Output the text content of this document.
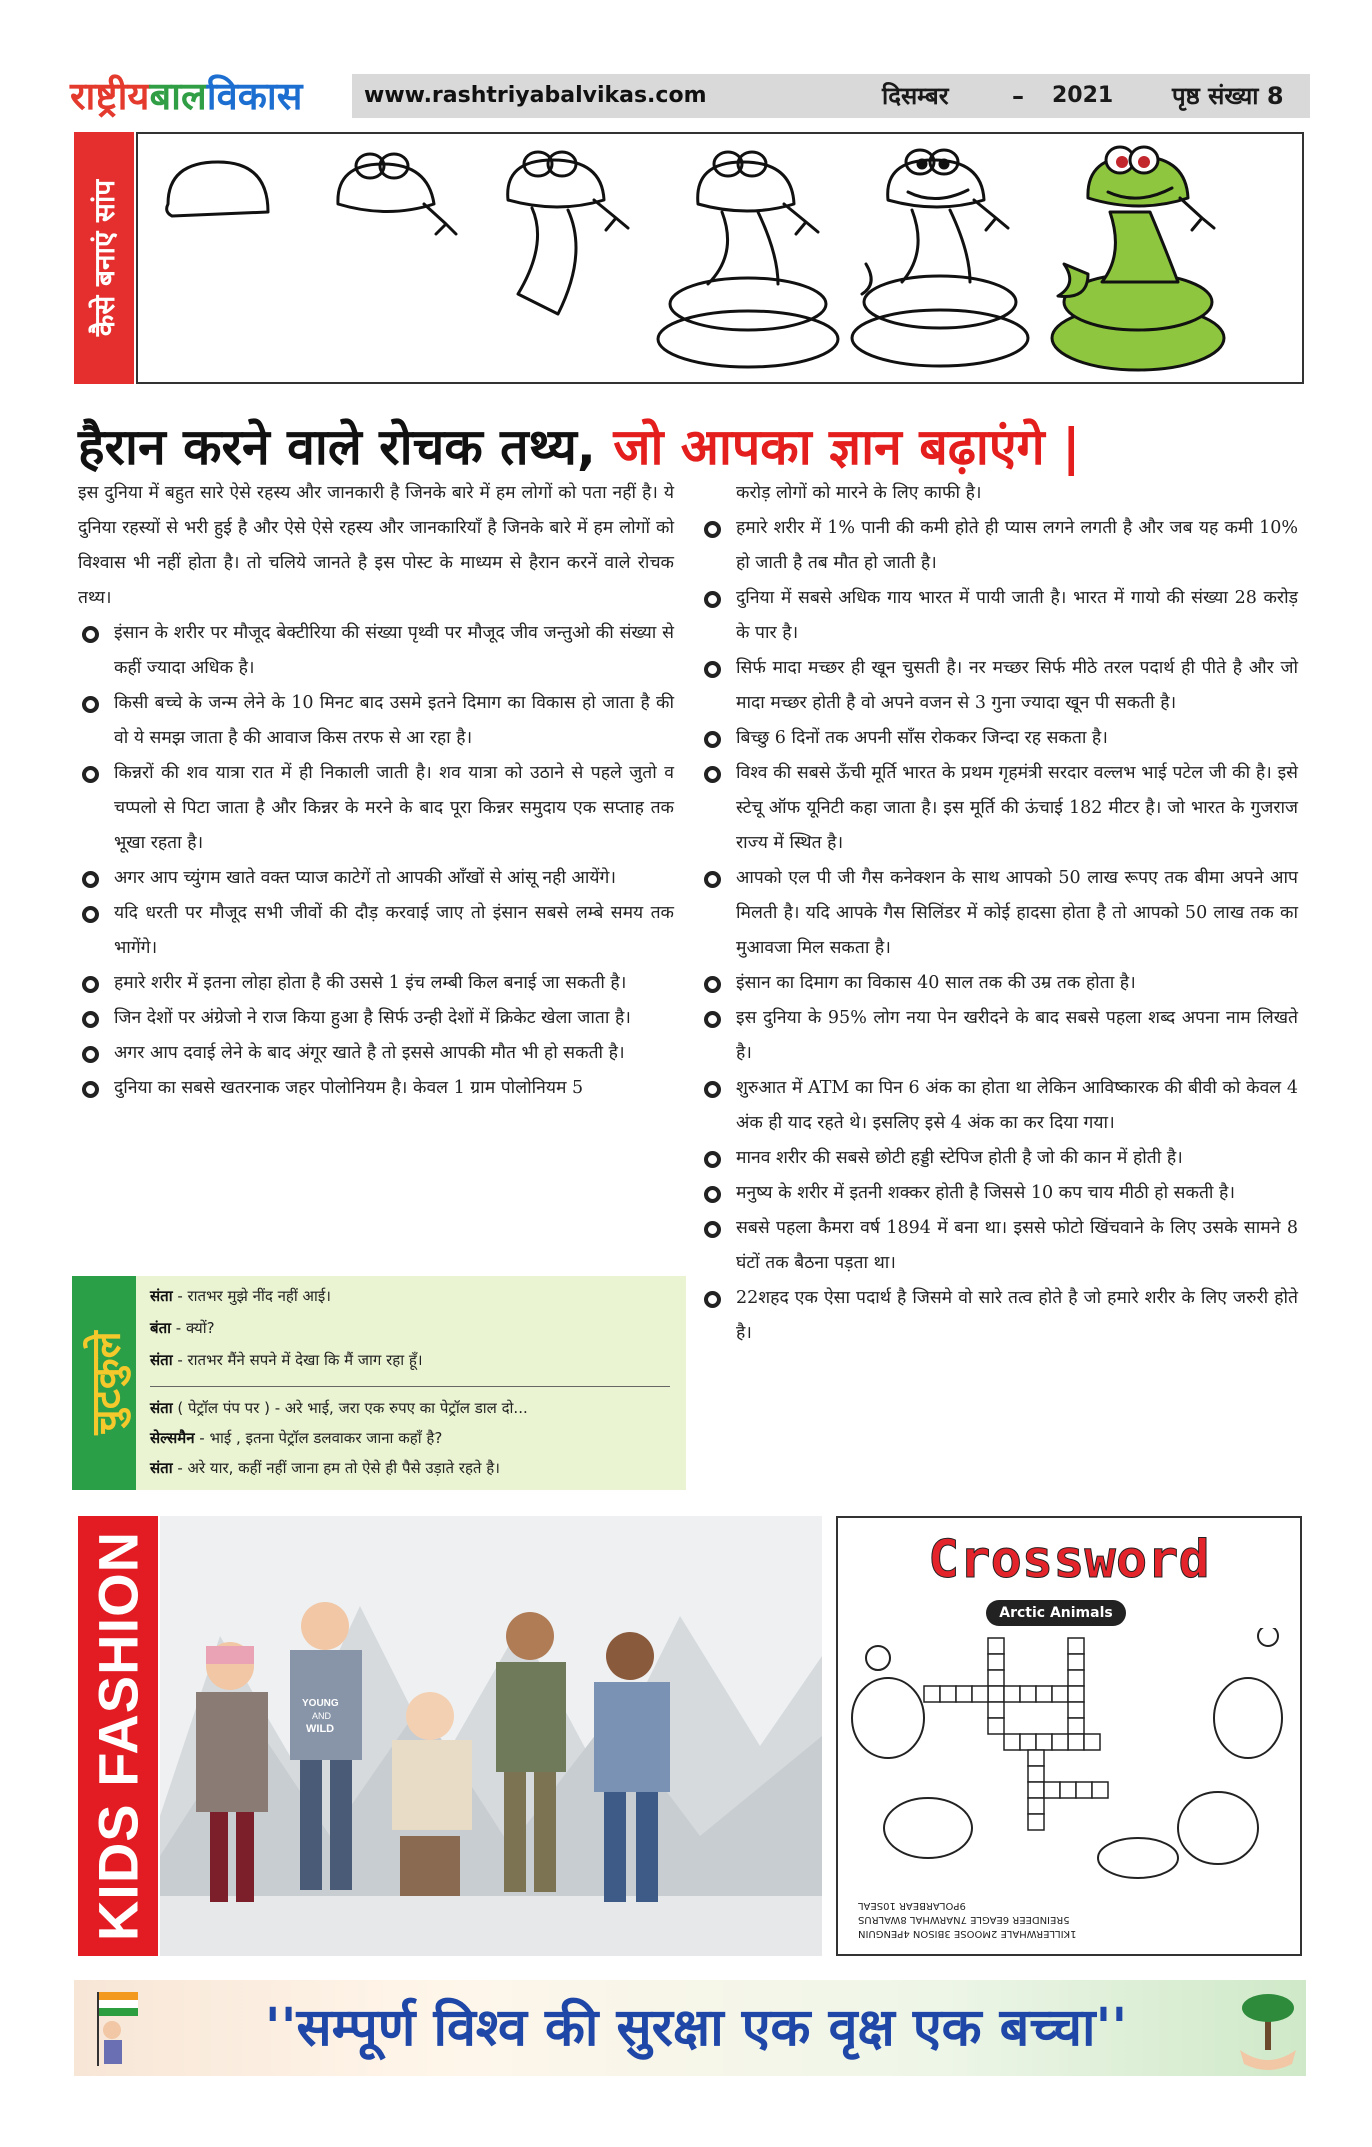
राष्ट्रीयबालविकास	www.rashtriyabalvikas.com	दिसम्बर	– 2021 पृष्ठ संख्या 8
कैसे बनाएं सांप
हैरान करने वाले रोचक तथ्य, जो आपका ज्ञान बढ़ाएंगे |

इस दुनिया में बहुत सारे ऐसे रहस्य और जानकारी है जिनके बारे में हम लोगों को पता नहीं है। ये दुनिया रहस्यों से भरी हुई है और ऐसे ऐसे रहस्य और जानकारियाँ है जिनके बारे में हम लोगों को विश्वास भी नहीं होता है। तो चलिये जानते है इस पोस्ट के माध्यम से हैरान करनें वाले रोचक तथ्य।

इंसान के शरीर पर मौजूद बेक्टीरिया की संख्या पृथ्वी पर मौजूद जीव जन्तुओ की संख्या से कहीं ज्यादा अधिक है।
किसी बच्चे के जन्म लेने के 10 मिनट बाद उसमे इतने दिमाग का विकास हो जाता है की वो ये समझ जाता है की आवाज किस तरफ से आ रहा है।
किन्नरों की शव यात्रा रात में ही निकाली जाती है। शव यात्रा को उठाने से पहले जुतो व चप्पलो से पिटा जाता है और किन्नर के मरने के बाद पूरा किन्नर समुदाय एक सप्ताह तक भूखा रहता है।
अगर आप च्युंगम खाते वक्त प्याज काटेगें तो आपकी आँखों से आंसू नही आयेंगे।
यदि धरती पर मौजूद सभी जीवों की दौड़ करवाई जाए तो इंसान सबसे लम्बे समय तक भागेंगे।
हमारे शरीर में इतना लोहा होता है की उससे 1 इंच लम्बी किल बनाई जा सकती है।
जिन देशों पर अंग्रेजो ने राज किया हुआ है सिर्फ उन्ही देशों में क्रिकेट खेला जाता है।
अगर आप दवाई लेने के बाद अंगूर खाते है तो इससे आपकी मौत भी हो सकती है।
दुनिया का सबसे खतरनाक जहर पोलोनियम है। केवल 1 ग्राम पोलोनियम 5
करोड़ लोगों को मारने के लिए काफी है।
हमारे शरीर में 1% पानी की कमी होते ही प्यास लगने लगती है और जब यह कमी 10% हो जाती है तब मौत हो जाती है।
दुनिया में सबसे अधिक गाय भारत में पायी जाती है। भारत में गायो की संख्या 28 करोड़ के पार है।
सिर्फ मादा मच्छर ही खून चुसती है। नर मच्छर सिर्फ मीठे तरल पदार्थ ही पीते है और जो मादा मच्छर होती है वो अपने वजन से 3 गुना ज्यादा खून पी सकती है।
बिच्छु 6 दिनों तक अपनी साँस रोककर जिन्दा रह सकता है।
विश्व की सबसे ऊँची मूर्ति भारत के प्रथम गृहमंत्री सरदार वल्लभ भाई पटेल जी की है। इसे स्टेचू ऑफ यूनिटी कहा जाता है। इस मूर्ति की ऊंचाई 182 मीटर है। जो भारत के गुजराज राज्य में स्थित है।
आपको एल पी जी गैस कनेक्शन के साथ आपको 50 लाख रूपए तक बीमा अपने आप मिलती है। यदि आपके गैस सिलिंडर में कोई हादसा होता है तो आपको 50 लाख तक का मुआवजा मिल सकता है।
इंसान का दिमाग का विकास 40 साल तक की उम्र तक होता है।
इस दुनिया के 95% लोग नया पेन खरीदने के बाद सबसे पहला शब्द अपना नाम लिखते है।
शुरुआत में ATM का पिन 6 अंक का होता था लेकिन आविष्कारक की बीवी को केवल 4 अंक ही याद रहते थे। इसलिए इसे 4 अंक का कर दिया गया।
मानव शरीर की सबसे छोटी हड्डी स्टेपिज होती है जो की कान में होती है।
मनुष्य के शरीर में इतनी शक्कर होती है जिससे 10 कप चाय मीठी हो सकती है।
सबसे पहला कैमरा वर्ष 1894 में बना था। इससे फोटो खिंचवाने के लिए उसके सामने 8 घंटों तक बैठना पड़ता था।
22शहद एक ऐसा पदार्थ है जिसमे वो सारे तत्व होते है जो हमारे शरीर के लिए जरुरी होते है।
चुटकुले
संता - रातभर मुझे नींद नहीं आई।
बंता - क्यों?
संता - रातभर मैंने सपने में देखा कि मैं जाग रहा हूँ।
संता ( पेट्रॉल पंप पर ) - अरे भाई, जरा एक रुपए का पेट्रॉल डाल दो...
सेल्समैन - भाई , इतना पेट्रॉल डलवाकर जाना कहाँ है?
संता - अरे यार, कहीं नहीं जाना हम तो ऐसे ही पैसे उड़ाते रहते है।
KIDS FASHION	YOUNG
AND
WILD
Crossword
Arctic Animals
1KILLERWHALE 2MOOSE 3BISON 4PENGUIN
5REINDEER 6EAGLE 7NARWHAL 8WALRUS
9POLARBEAR 10SEAL
''सम्पूर्ण विश्व की सुरक्षा एक वृक्ष एक बच्चा''
